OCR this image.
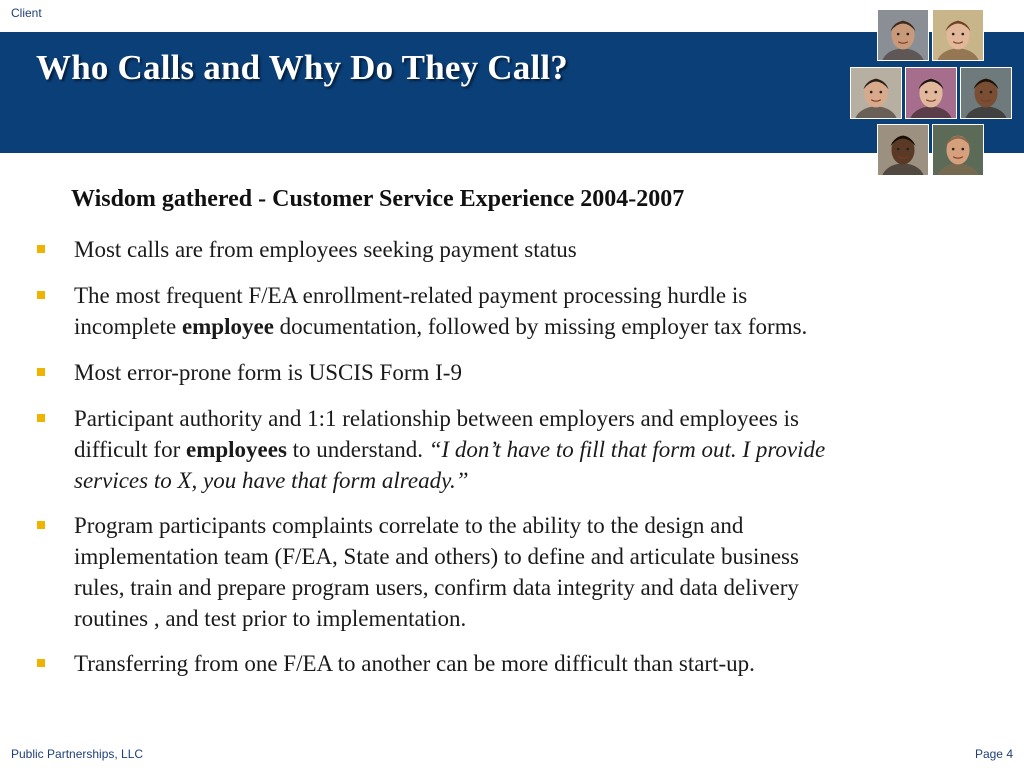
Client
Who Calls and Why Do They Call?
Wisdom gathered - Customer Service Experience 2004-2007
Most calls are from employees seeking payment status
The most frequent F/EA enrollment-related payment processing hurdle is
incomplete employee documentation, followed by missing employer tax forms.
Most error-prone form is USCIS Form I-9
Participant authority and 1:1 relationship between employers and employees is
difficult for employees to understand. “I don’t have to fill that form out. I provide
services to X, you have that form already.”
Program participants complaints correlate to the ability to the design and
implementation team (F/EA, State and others) to define and articulate business
rules, train and prepare program users, confirm data integrity and data delivery
routines , and test prior to implementation.
Transferring from one F/EA to another can be more difficult than start-up.
Public Partnerships, LLC	Page 4
